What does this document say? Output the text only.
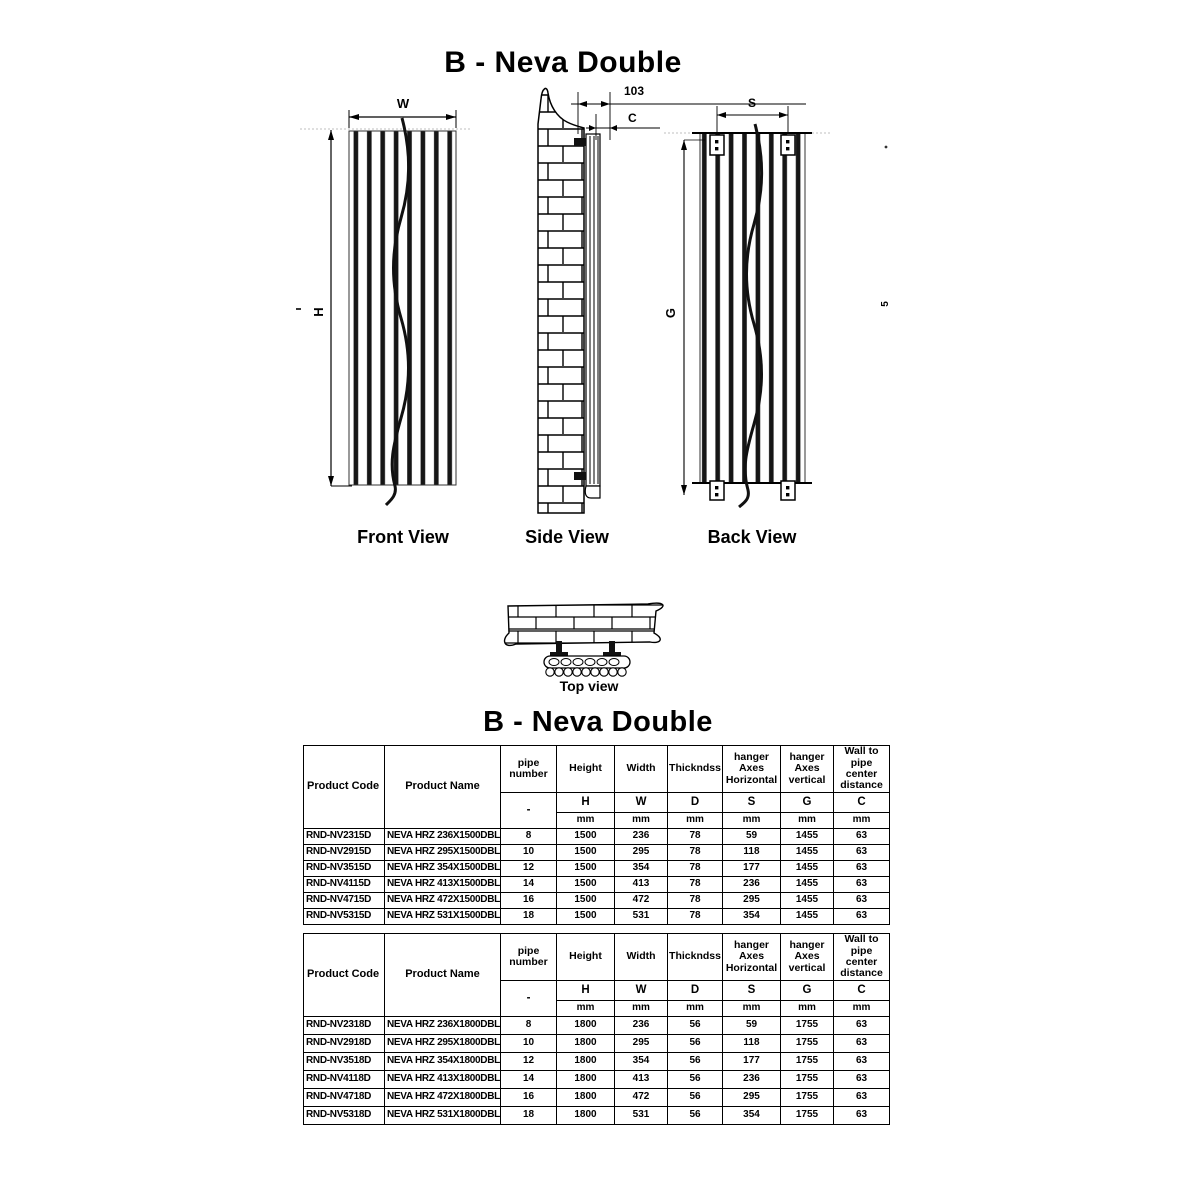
B - Neva Double
W
H
Front View
103
C
Side View
S
G
Back View
5
Top view
B - Neva Double
Product Code	Product Name	pipe number	Height	Width	Thickndss	hanger Axes Horizontal	hanger Axes vertical	Wall to pipe center distance
		-	H	W	D	S	G	C
			mm	mm	mm	mm	mm	mm
RND-NV2315D	NEVA HRZ 236X1500DBL	8	1500	236	78	59	1455	63
RND-NV2915D	NEVA HRZ 295X1500DBL	10	1500	295	78	118	1455	63
RND-NV3515D	NEVA HRZ 354X1500DBL	12	1500	354	78	177	1455	63
RND-NV4115D	NEVA HRZ 413X1500DBL	14	1500	413	78	236	1455	63
RND-NV4715D	NEVA HRZ 472X1500DBL	16	1500	472	78	295	1455	63
RND-NV5315D	NEVA HRZ 531X1500DBL	18	1500	531	78	354	1455	63
Product Code	Product Name	pipe number	Height	Width	Thickndss	hanger Axes Horizontal	hanger Axes vertical	Wall to pipe center distance
		-	H	W	D	S	G	C
			mm	mm	mm	mm	mm	mm
RND-NV2318D	NEVA HRZ 236X1800DBL	8	1800	236	56	59	1755	63
RND-NV2918D	NEVA HRZ 295X1800DBL	10	1800	295	56	118	1755	63
RND-NV3518D	NEVA HRZ 354X1800DBL	12	1800	354	56	177	1755	63
RND-NV4118D	NEVA HRZ 413X1800DBL	14	1800	413	56	236	1755	63
RND-NV4718D	NEVA HRZ 472X1800DBL	16	1800	472	56	295	1755	63
RND-NV5318D	NEVA HRZ 531X1800DBL	18	1800	531	56	354	1755	63
